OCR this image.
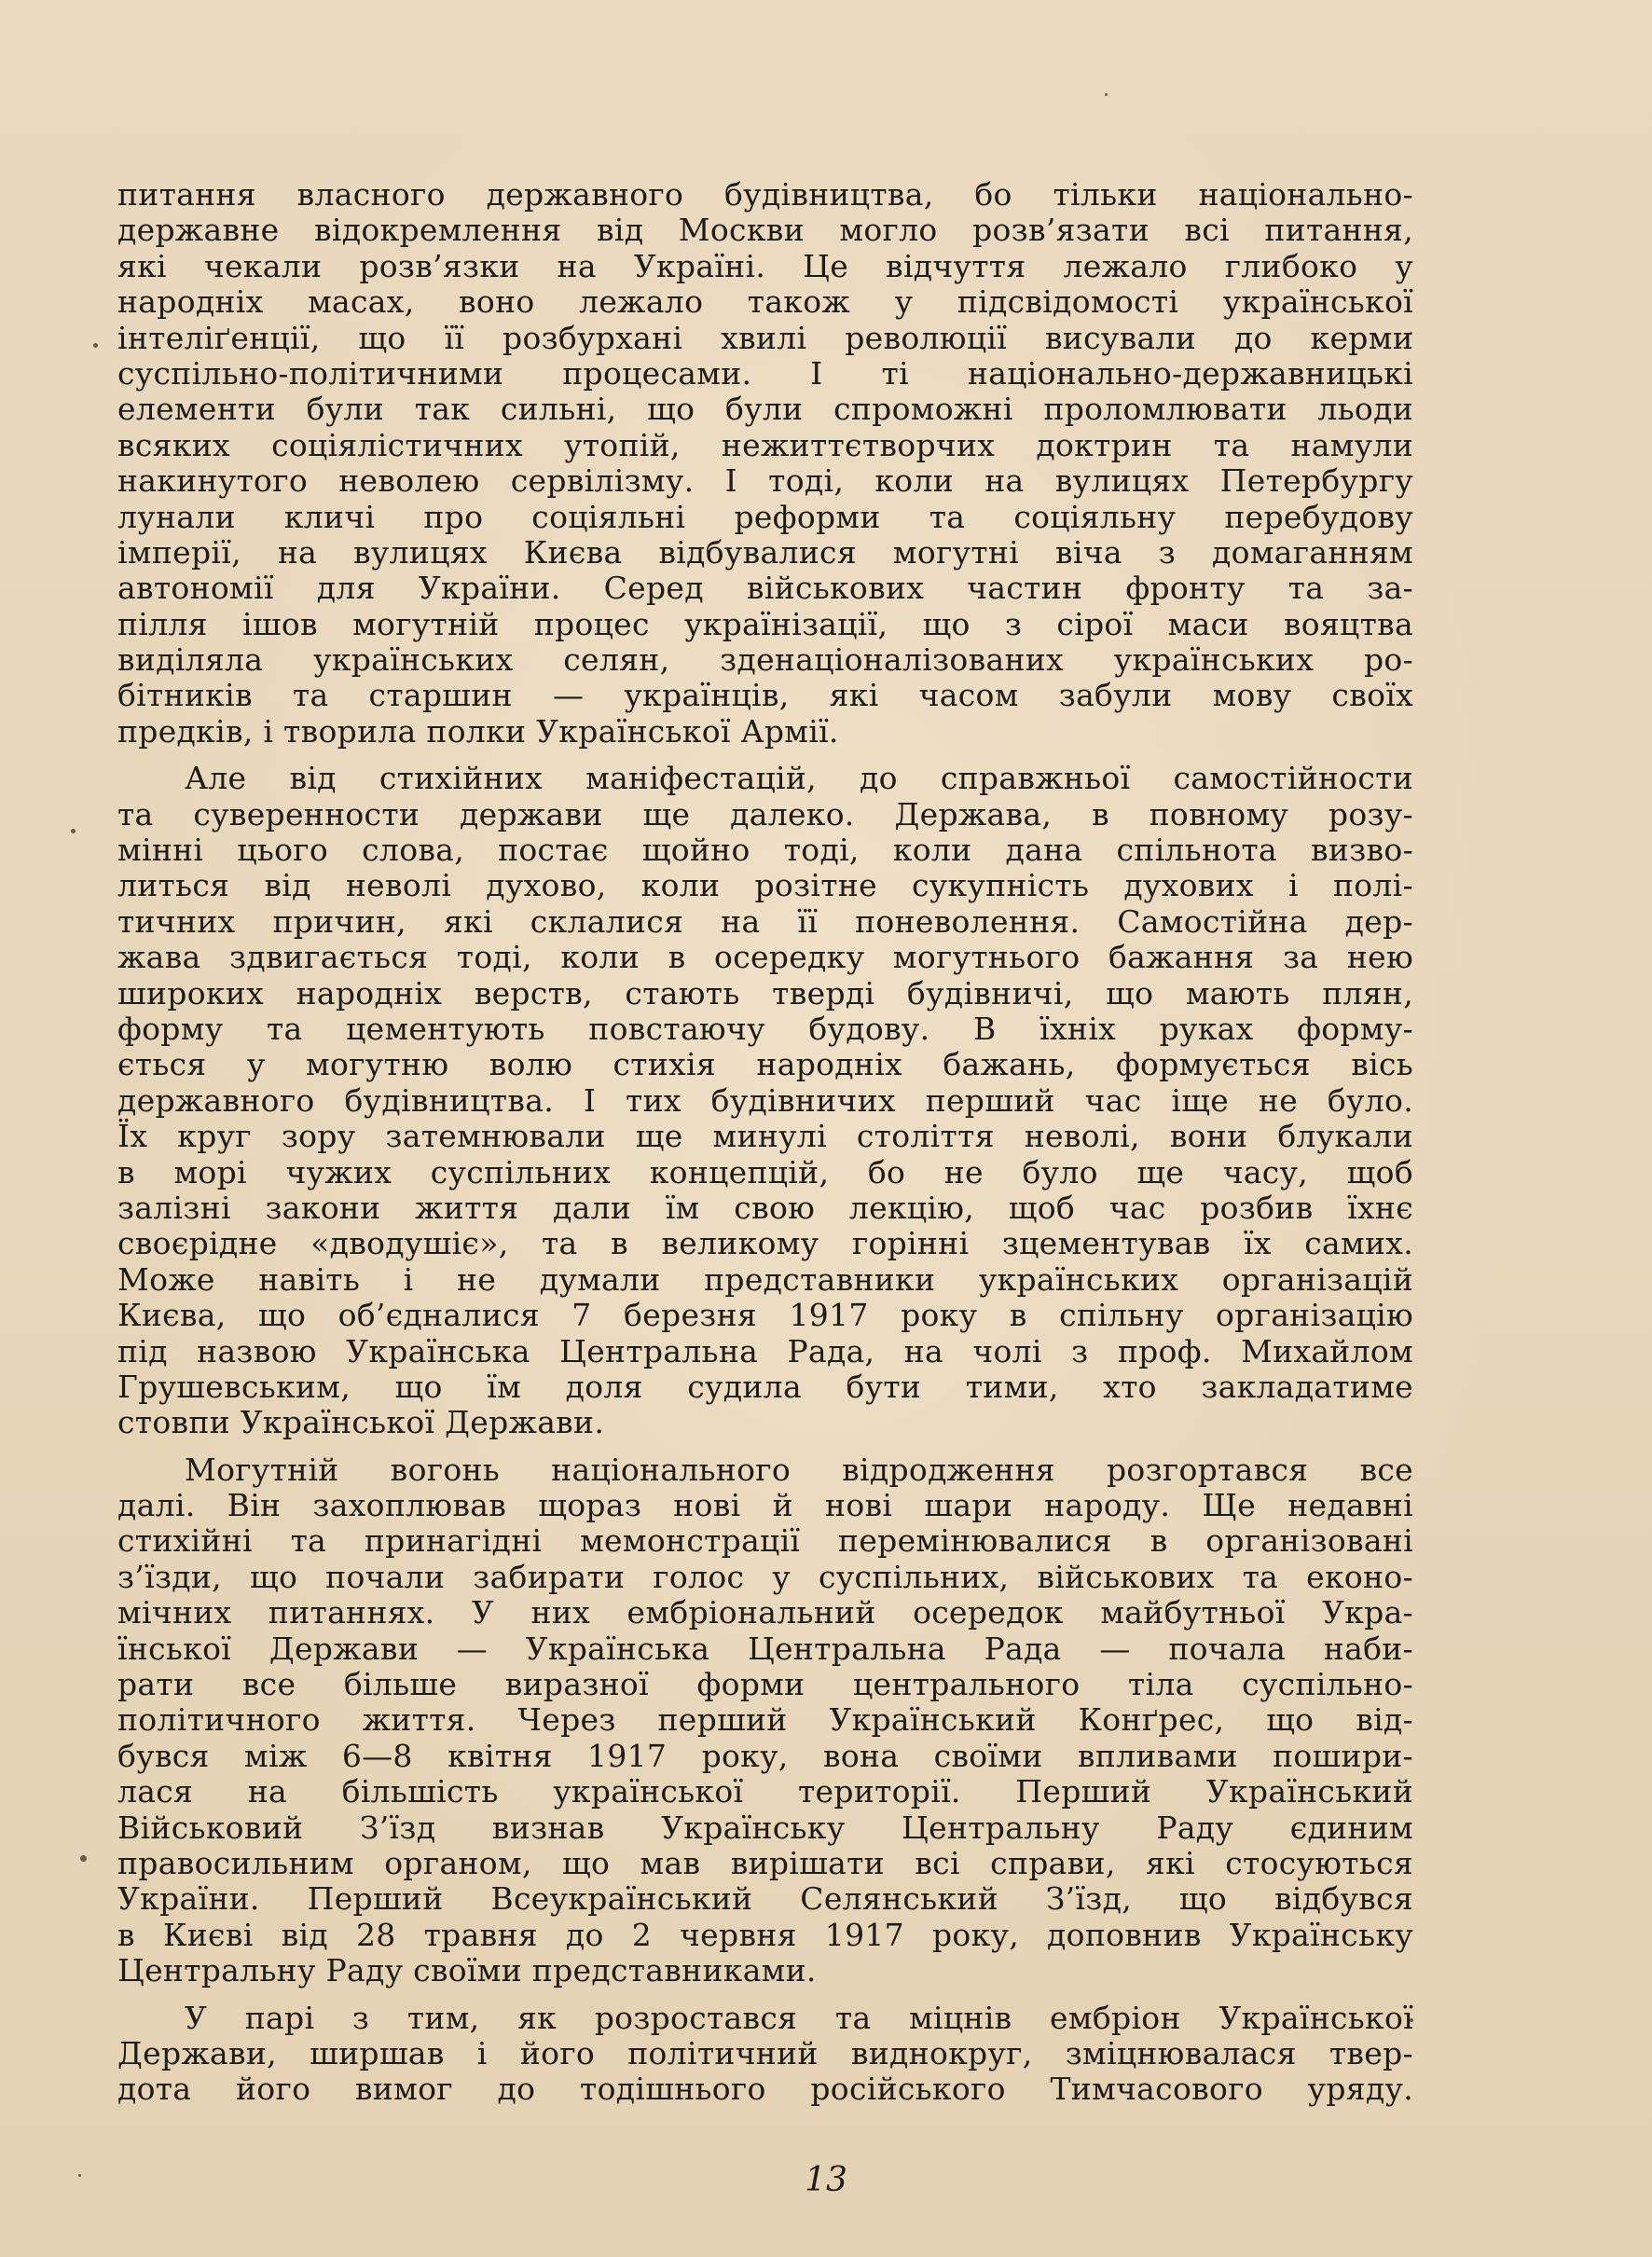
питання власного державного будівництва, бо тільки національно-
державне відокремлення від Москви могло розв’язати всі питання,
які чекали розв’язки на Україні. Це відчуття лежало глибоко у
народніх масах, воно лежало також у підсвідомості української
інтеліґенції, що її розбурхані хвилі революції висували до керми
суспільно-політичними процесами. І ті національно-державницькі
елементи були так сильні, що були спроможні проломлювати льоди
всяких соціялістичних утопій, нежиттєтворчих доктрин та намули
накинутого неволею сервілізму. І тоді, коли на вулицях Петербургу
лунали кличі про соціяльні реформи та соціяльну перебудову
імперії, на вулицях Києва відбувалися могутні віча з домаганням
автономії для України. Серед військових частин фронту та за-
пілля ішов могутній процес українізації, що з сірої маси вояцтва
виділяла українських селян, зденаціоналізованих українських ро-
бітників та старшин — українців, які часом забули мову своїх
предків, і творила полки Української Армії.
Але від стихійних маніфестацій, до справжньої самостійности
та суверенности держави ще далеко. Держава, в повному розу-
мінні цього слова, постає щойно тоді, коли дана спільнота визво-
литься від неволі духово, коли розітне сукупність духових і полі-
тичних причин, які склалися на її поневолення. Самостійна дер-
жава здвигається тоді, коли в осередку могутнього бажання за нею
широких народніх верств, стають тверді будівничі, що мають плян,
форму та цементують повстаючу будову. В їхніх руках форму-
ється у могутню волю стихія народніх бажань, формується вісь
державного будівництва. І тих будівничих перший час іще не було.
Їх круг зору затемнювали ще минулі століття неволі, вони блукали
в морі чужих суспільних концепцій, бо не було ще часу, щоб
залізні закони життя дали їм свою лекцію, щоб час розбив їхнє
своєрідне «дводушіє», та в великому горінні зцементував їх самих.
Може навіть і не думали представники українських організацій
Києва, що об’єдналися 7 березня 1917 року в спільну організацію
під назвою Українська Центральна Рада, на чолі з проф. Михайлом
Грушевським, що їм доля судила бути тими, хто закладатиме
стовпи Української Держави.
Могутній вогонь національного відродження розгортався все
далі. Він захоплював щораз нові й нові шари народу. Ще недавні
стихійні та принагідні мемонстрації перемінювалися в організовані
з’їзди, що почали забирати голос у суспільних, військових та еконо-
мічних питаннях. У них ембріональний осередок майбутньої Укра-
їнської Держави — Українська Центральна Рада — почала наби-
рати все більше виразної форми центрального тіла суспільно-
політичного життя. Через перший Український Конґрес, що від-
бувся між 6—8 квітня 1917 року, вона своїми впливами пошири-
лася на більшість української території. Перший Український
Військовий З’їзд визнав Українську Центральну Раду єдиним
правосильним органом, що мав вирішати всі справи, які стосуються
України. Перший Всеукраїнський Селянський З’їзд, що відбувся
в Києві від 28 травня до 2 червня 1917 року, доповнив Українську
Центральну Раду своїми представниками.
У парі з тим, як розростався та міцнів ембріон Української
Держави, ширшав і його політичний виднокруг, зміцнювалася твер-
дота його вимог до тодішнього російського Тимчасового уряду.
13
